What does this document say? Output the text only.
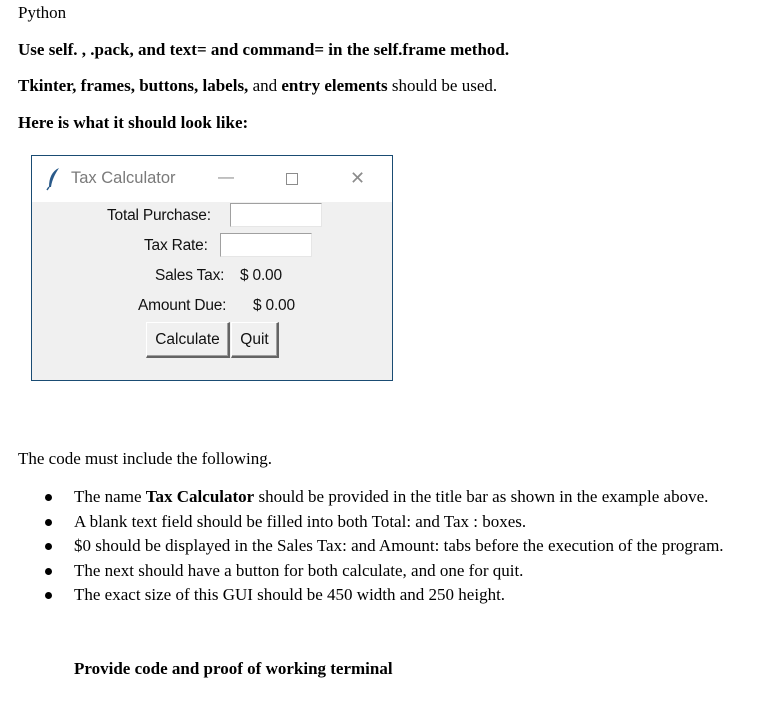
Python
Use self. , .pack, and text= and command= in the self.frame method.
Tkinter, frames, buttons, labels, and entry elements should be used.
Here is what it should look like:
Tax Calculator	—	✕
Total Purchase:
Tax Rate:
Sales Tax: $ 0.00
Amount Due: $ 0.00
Calculate	Quit
The code must include the following.
The name Tax Calculator should be provided in the title bar as shown in the example above.
A blank text field should be filled into both Total: and Tax : boxes.
$0 should be displayed in the Sales Tax: and Amount: tabs before the execution of the program.
The next should have a button for both calculate, and one for quit.
The exact size of this GUI should be 450 width and 250 height.
Provide code and proof of working terminal
